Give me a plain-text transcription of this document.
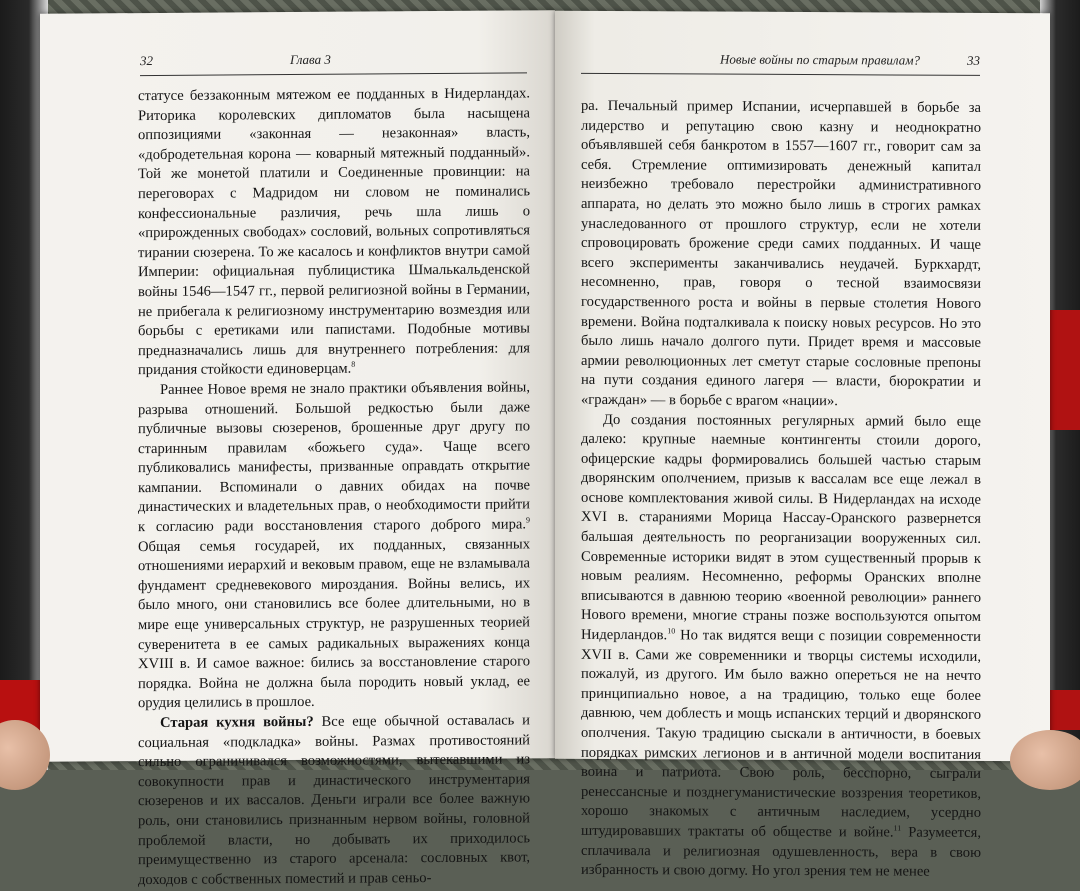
32	Глава 3

статусе беззаконным мятежом ее подданных в Нидерландах. Риторика королевских дипломатов была насыщена оппозициями «законная — незаконная» власть, «добродетельная корона — коварный мятежный подданный». Той же монетой платили и Соединенные провинции: на переговорах с Мадридом ни словом не поминались конфессиональные различия, речь шла лишь о «прирожденных свободах» сословий, вольных сопротивляться тирании сюзерена. То же касалось и конфликтов внутри самой Империи: официальная публицистика Шмалькальденской войны 1546—1547 гг., первой религиозной войны в Германии, не прибегала к религиозному инструментарию возмездия или борьбы с еретиками или папистами. Подобные мотивы предназначались лишь для внутреннего потребления: для придания стойкости единоверцам.$^8$

Раннее Новое время не знало практики объявления войны, разрыва отношений. Большой редкостью были даже публичные вызовы сюзеренов, брошенные друг другу по старинным правилам «божьего суда». Чаще всего публиковались манифесты, призванные оправдать открытие кампании. Вспоминали о давних обидах на почве династических и владетельных прав, о необходимости прийти к согласию ради восстановления старого доброго мира.$^9$ Общая семья государей, их подданных, связанных отношениями иерархий и вековым правом, еще не взламывала фундамент средневекового мироздания. Войны велись, их было много, они становились все более длительными, но в мире еще универсальных структур, не разрушенных теорией суверенитета в ее самых радикальных выражениях конца XVIII в. И самое важное: бились за восстановление старого порядка. Война не должна была породить новый уклад, ее орудия целились в прошлое.

Старая кухня войны? Все еще обычной оставалась и социальная «подкладка» войны. Размах противостояний сильно ограничивался возможностями, вытекавшими из совокупности прав и династического инструментария сюзеренов и их вассалов. Деньги играли все более важную роль, они становились признанным нервом войны, головной проблемой власти, но добывать их приходилось преимущественно из старого арсенала: сословных квот, доходов с собственных поместий и прав сеньо-

Новые войны по старым правилам?	33

ра. Печальный пример Испании, исчерпавшей в борьбе за лидерство и репутацию свою казну и неоднократно объявлявшей себя банкротом в 1557—1607 гг., говорит сам за себя. Стремление оптимизировать денежный капитал неизбежно требовало перестройки административного аппарата, но делать это можно было лишь в строгих рамках унаследованного от прошлого структур, если не хотели спровоцировать брожение среди самих подданных. И чаще всего эксперименты заканчивались неудачей. Буркхардт, несомненно, прав, говоря о тесной взаимосвязи государственного роста и войны в первые столетия Нового времени. Война подталкивала к поиску новых ресурсов. Но это было лишь начало долгого пути. Придет время и массовые армии революционных лет сметут старые сословные препоны на пути создания единого лагеря — власти, бюрократии и «граждан» — в борьбе с врагом «нации».

До создания постоянных регулярных армий было еще далеко: крупные наемные контингенты стоили дорого, офицерские кадры формировались большей частью старым дворянским ополчением, призыв к вассалам все еще лежал в основе комплектования живой силы. В Нидерландах на исходе XVI в. стараниями Морица Нассау-Оранского развернется бальшая деятельность по реорганизации вооруженных сил. Современные историки видят в этом существенный прорыв к новым реалиям. Несомненно, реформы Оранских вполне вписываются в давнюю теорию «военной революции» раннего Нового времени, многие страны позже воспользуются опытом Нидерландов.$^{10}$ Но так видятся вещи с позиции современности XVII в. Сами же современники и творцы системы исходили, пожалуй, из другого. Им было важно опереться не на нечто принципиально новое, а на традицию, только еще более давнюю, чем доблесть и мощь испанских терций и дворянского ополчения. Такую традицию сыскали в античности, в боевых порядках римских легионов и в античной модели воспитания воина и патриота. Свою роль, бесспорно, сыграли ренессансные и позднегуманистические воззрения теоретиков, хорошо знакомых с античным наследием, усердно штудировавших трактаты об обществе и войне.$^{11}$ Разумеется, сплачивала и религиозная одушевленность, вера в свою избранность и свою догму. Но угол зрения тем не менее
